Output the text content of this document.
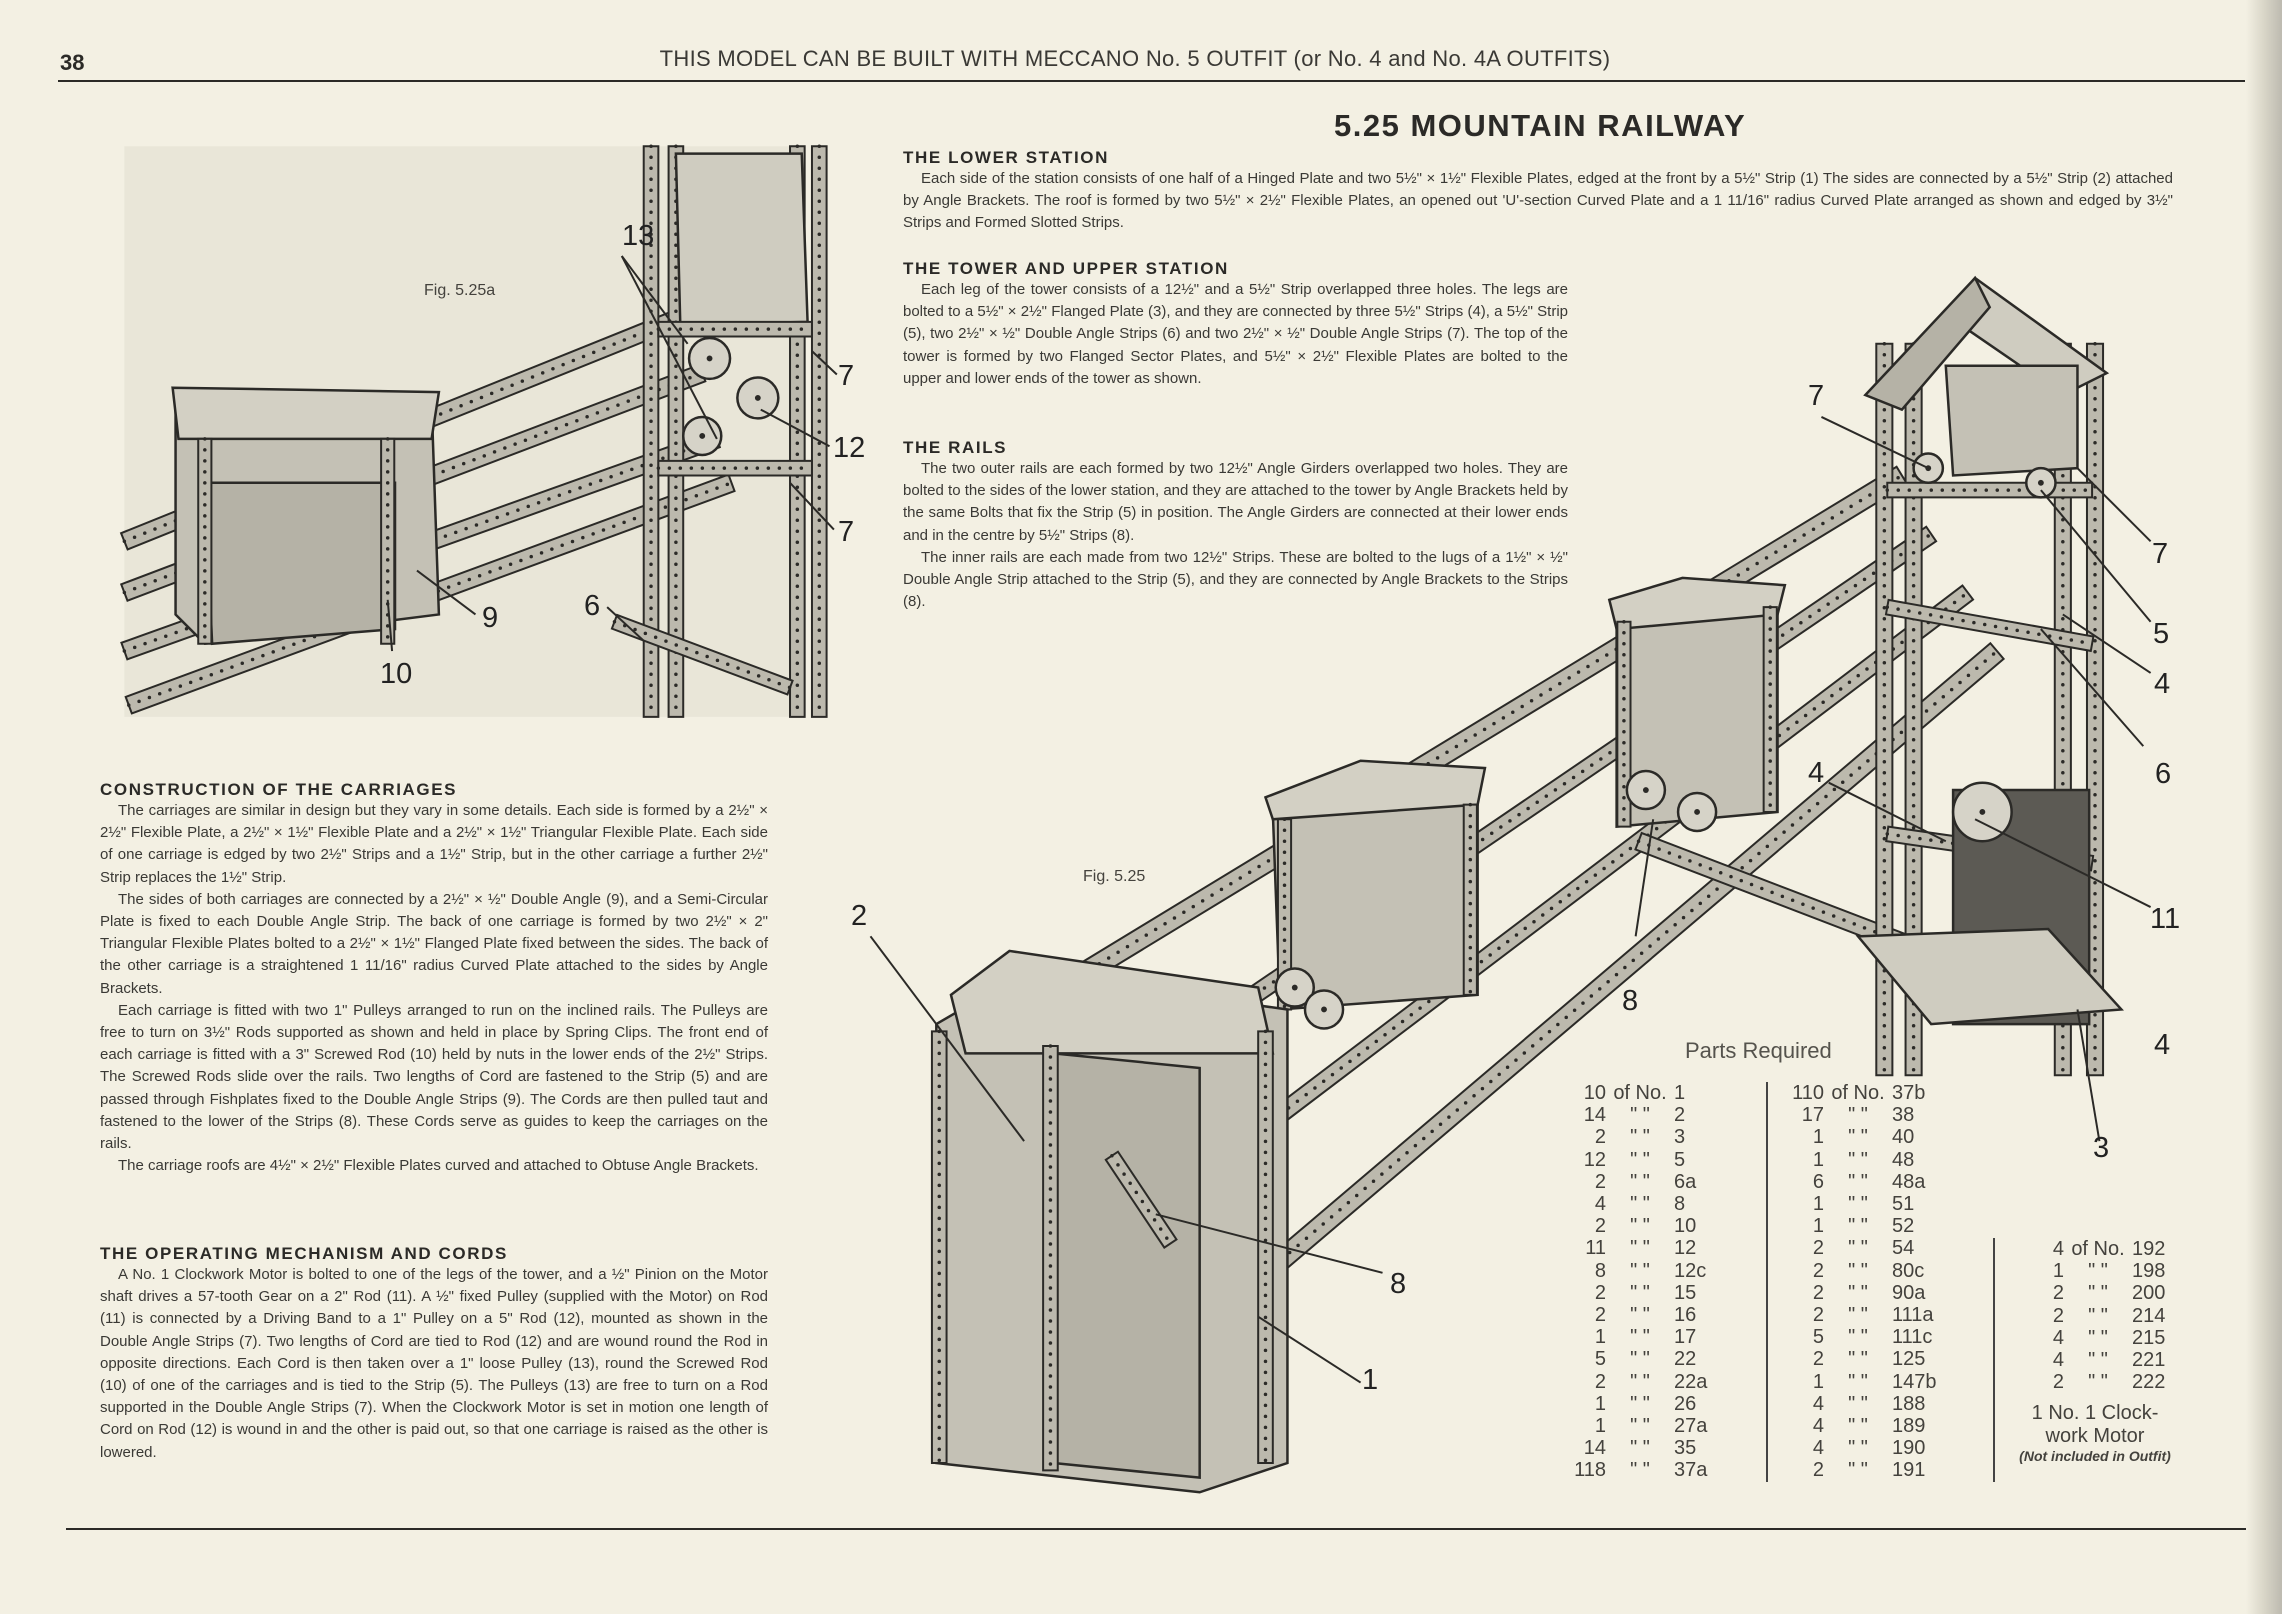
38	THIS MODEL CAN BE BUILT WITH MECCANO No. 5 OUTFIT (or No. 4 and No. 4A OUTFITS)
5.25 MOUNTAIN RAILWAY
THE LOWER STATION
Each side of the station consists of one half of a Hinged Plate and two 5½" × 1½" Flexible Plates, edged at the front by a 5½" Strip (1) The sides are connected by a 5½" Strip (2) attached by Angle Brackets. The roof is formed by two 5½" × 2½" Flexible Plates, an opened out 'U'-section Curved Plate and a 1 11/16" radius Curved Plate arranged as shown and edged by 3½" Strips and Formed Slotted Strips.
THE TOWER AND UPPER STATION
Each leg of the tower consists of a 12½" and a 5½" Strip overlapped three holes. The legs are bolted to a 5½" × 2½" Flanged Plate (3), and they are connected by three 5½" Strips (4), a 5½" Strip (5), two 2½" × ½" Double Angle Strips (6) and two 2½" × ½" Double Angle Strips (7). The top of the tower is formed by two Flanged Sector Plates, and 5½" × 2½" Flexible Plates are bolted to the upper and lower ends of the tower as shown.
THE RAILS
The two outer rails are each formed by two 12½" Angle Girders overlapped two holes. They are bolted to the sides of the lower station, and they are attached to the tower by Angle Brackets held by the same Bolts that fix the Strip (5) in position. The Angle Girders are connected at their lower ends and in the centre by 5½" Strips (8).
The inner rails are each made from two 12½" Strips. These are bolted to the lugs of a 1½" × ½" Double Angle Strip attached to the Strip (5), and they are connected by Angle Brackets to the Strips (8).
CONSTRUCTION OF THE CARRIAGES
The carriages are similar in design but they vary in some details. Each side is formed by a 2½" × 2½" Flexible Plate, a 2½" × 1½" Flexible Plate and a 2½" × 1½" Triangular Flexible Plate. Each side of one carriage is edged by two 2½" Strips and a 1½" Strip, but in the other carriage a further 2½" Strip replaces the 1½" Strip.
The sides of both carriages are connected by a 2½" × ½" Double Angle (9), and a Semi-Circular Plate is fixed to each Double Angle Strip. The back of one carriage is formed by two 2½" × 2" Triangular Flexible Plates bolted to a 2½" × 1½" Flanged Plate fixed between the sides. The back of the other carriage is a straightened 1 11/16" radius Curved Plate attached to the sides by Angle Brackets.
Each carriage is fitted with two 1" Pulleys arranged to run on the inclined rails. The Pulleys are free to turn on 3½" Rods supported as shown and held in place by Spring Clips. The front end of each carriage is fitted with a 3" Screwed Rod (10) held by nuts in the lower ends of the 2½" Strips. The Screwed Rods slide over the rails. Two lengths of Cord are fastened to the Strip (5) and are passed through Fishplates fixed to the Double Angle Strips (9). The Cords are then pulled taut and fastened to the lower of the Strips (8). These Cords serve as guides to keep the carriages on the rails.
The carriage roofs are 4½" × 2½" Flexible Plates curved and attached to Obtuse Angle Brackets.
THE OPERATING MECHANISM AND CORDS
A No. 1 Clockwork Motor is bolted to one of the legs of the tower, and a ½" Pinion on the Motor shaft drives a 57-tooth Gear on a 2" Rod (11). A ½" fixed Pulley (supplied with the Motor) on Rod (11) is connected by a Driving Band to a 1" Pulley on a 5" Rod (12), mounted as shown in the Double Angle Strips (7). Two lengths of Cord are tied to Rod (12) and are wound round the Rod in opposite directions. Each Cord is then taken over a 1" loose Pulley (13), round the Screwed Rod (10) of one of the carriages and is tied to the Strip (5). The Pulleys (13) are free to turn on a Rod supported in the Double Angle Strips (7). When the Clockwork Motor is set in motion one length of Cord on Rod (12) is wound in and the other is paid out, so that one carriage is raised as the other is lowered.
Fig. 5.25a
Fig. 5.25
13
7
12
7
9	6
10
7
7
5
4
6
4
11
8
4
3
2
8
1
Parts Required
10 of No. 1
14	" "	2
2	" "	3
12	" "	5
2	" "	6a
4	" "	8
2	" "	10
11	" "	12
8	" "	12c
2	" "	15
2	" "	16
1	" "	17
5	" "	22
2	" "	22a
1	" "	26
1	" "	27a
14	" "	35
118	" "	37a
110 of No. 37b
17	" "	38
1	" "	40
1	" "	48
6	" "	48a
1	" "	51
1	" "	52
2	" "	54
2	" "	80c
2	" "	90a
2	" "	111a
5	" "	111c
2	" "	125
1	" "	147b
4	" "	188
4	" "	189
4	" "	190
2	" "	191
4 of No. 192
1	" "	198
2	" "	200
2	" "	214
4	" "	215
4	" "	221
2	" "	222
1 No. 1 Clock-
work Motor
(Not included in Outfit)
